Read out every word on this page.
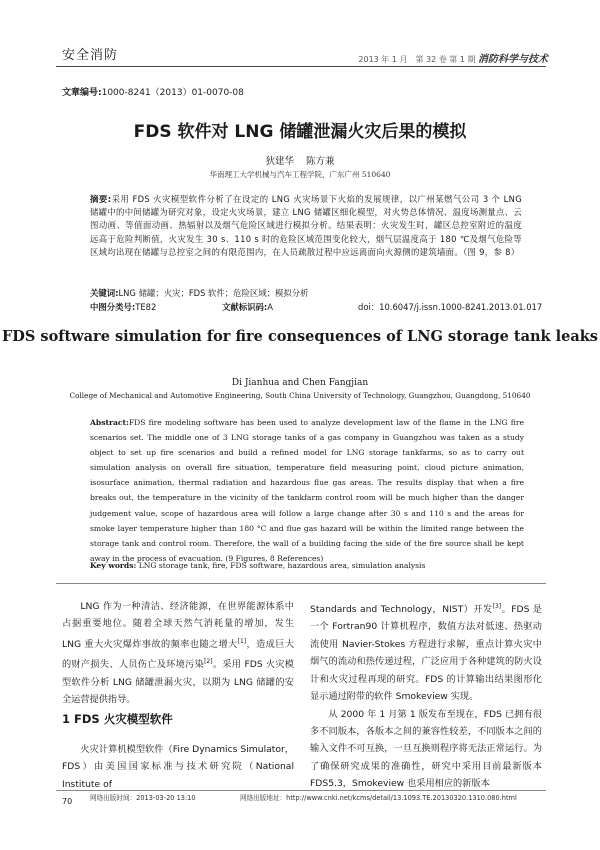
安全消防	2013 年 1 月　第 32 卷 第 1 期 消防科学与技术
文章编号:1000-8241（2013）01-0070-08
FDS 软件对 LNG 储罐泄漏火灾后果的模拟
狄建华 陈方兼
华南理工大学机械与汽车工程学院，广东广州 510640
摘要:采用 FDS 火灾模型软件分析了在设定的 LNG 火灾场景下火焰的发展规律，以广州某燃气公司 3 个 LNG 储罐中的中间储罐为研究对象，设定火灾场景，建立 LNG 储罐区细化模型，对火势总体情况、温度场测量点、云图动画、等值面动画、热辐射以及烟气危险区域进行模拟分析。结果表明：火灾发生时，罐区总控室附近的温度远高于危险判断值，火灾发生 30 s、110 s 时的危险区域范围变化较大，烟气层温度高于 180 ℃及烟气危险等区域均出现在储罐与总控室之间的有限范围内，在人员疏散过程中应远离面向火源侧的建筑墙面。（图 9，参 8）
关键词:LNG 储罐；火灾；FDS 软件；危险区域；模拟分析
中图分类号:TE82	文献标识码:A	doi：10.6047/j.issn.1000-8241.2013.01.017
FDS software simulation for fire consequences of LNG storage tank leaks
Di Jianhua and Chen Fangjian
College of Mechanical and Automotive Engineering, South China University of Technology, Guangzhou, Guangdong, 510640
Abstract:FDS fire modeling software has been used to analyze development law of the flame in the LNG fire scenarios set. The middle one of 3 LNG storage tanks of a gas company in Guangzhou was taken as a study object to set up fire scenarios and build a refined model for LNG storage tankfarms, so as to carry out simulation analysis on overall fire situation, temperature field measuring point, cloud picture animation, isosurface animation, thermal radiation and hazardous flue gas areas. The results display that when a fire breaks out, the temperature in the vicinity of the tankfarm control room will be much higher than the danger judgement value, scope of hazardous area will follow a large change after 30 s and 110 s and the areas for smoke layer temperature higher than 180 °C and flue gas hazard will be within the limited range between the storage tank and control room. Therefore, the wall of a building facing the side of the fire source shall be kept away in the process of evacuation. (9 Figures, 8 References)
Key words: LNG storage tank, fire, FDS software, hazardous area, simulation analysis

LNG 作为一种清洁、经济能源，在世界能源体系中占据重要地位。随着全球天然气消耗量的增加，发生 LNG 重大火灾爆炸事故的频率也随之增大[1]，造成巨大的财产损失、人员伤亡及环境污染[2]。采用 FDS 火灾模型软件分析 LNG 储罐泄漏火灾，以期为 LNG 储罐的安全运营提供指导。

1 FDS 火灾模型软件

火灾计算机模型软件（Fire Dynamics Simulator，FDS）由美国国家标准与技术研究院（National Institute of

Standards and Technology，NIST）开发[3]。FDS 是一个 Fortran90 计算机程序，数值方法对低速、热驱动流使用 Navier-Stokes 方程进行求解，重点计算火灾中烟气的流动和热传递过程，广泛应用于各种建筑的防火设计和火灾过程再现的研究。FDS 的计算输出结果图形化显示通过附带的软件 Smokeview 实现。

从 2000 年 1 月第 1 版发布至现在，FDS 已拥有很多不同版本，各版本之间的兼容性较差，不同版本之间的输入文件不可互换，一旦互换则程序将无法正常运行。为了确保研究成果的准确性，研究中采用目前最新版本 FDS5.3，Smokeview 也采用相应的新版本

70	网络出版时间：2013-03-20 13:10	网络出版地址：http://www.cnki.net/kcms/detail/13.1093.TE.20130320.1310.080.html
